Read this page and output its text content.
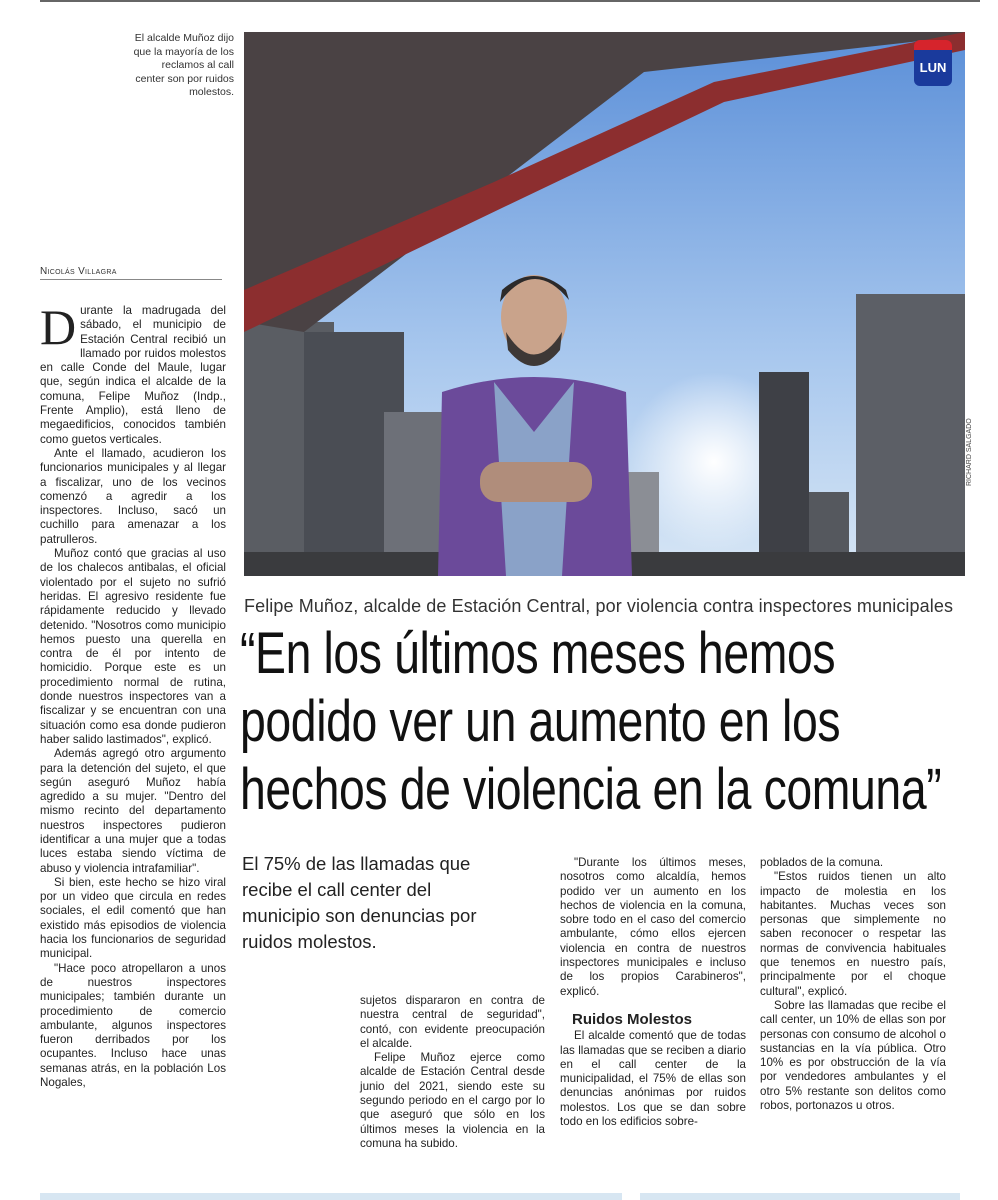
El alcalde Muñoz dijo que la mayoría de los reclamos al call center son por ruidos molestos.
Nicolás Villagra

Durante la madrugada del sábado, el municipio de Estación Central recibió un llamado por ruidos molestos en calle Conde del Maule, lugar que, según indica el alcalde de la comuna, Felipe Muñoz (Indp., Frente Amplio), está lleno de megaedificios, conocidos también como guetos verticales.

Ante el llamado, acudieron los funcionarios municipales y al llegar a fiscalizar, uno de los vecinos comenzó a agredir a los inspectores. Incluso, sacó un cuchillo para amenazar a los patrulleros.

Muñoz contó que gracias al uso de los chalecos antibalas, el oficial violentado por el sujeto no sufrió heridas. El agresivo residente fue rápidamente reducido y llevado detenido. "Nosotros como municipio hemos puesto una querella en contra de él por intento de homicidio. Porque este es un procedimiento normal de rutina, donde nuestros inspectores van a fiscalizar y se encuentran con una situación como esa donde pudieron haber salido lastimados", explicó.

Además agregó otro argumento para la detención del sujeto, el que según aseguró Muñoz había agredido a su mujer. "Dentro del mismo recinto del departamento nuestros inspectores pudieron identificar a una mujer que a todas luces estaba siendo víctima de abuso y violencia intrafamiliar".

Si bien, este hecho se hizo viral por un video que circula en redes sociales, el edil comentó que han existido más episodios de violencia hacia los funcionarios de seguridad municipal.

"Hace poco atropellaron a unos de nuestros inspectores municipales; también durante un procedimiento de comercio ambulante, algunos inspectores fueron derribados por los ocupantes. Incluso hace unas semanas atrás, en la población Los Nogales,

LUN
RICHARD SALGADO
Felipe Muñoz, alcalde de Estación Central, por violencia contra inspectores municipales
“En los últimos meses hemos
podido ver un aumento en los
hechos de violencia en la comuna”
El 75% de las llamadas que recibe el call center del municipio son denuncias por ruidos molestos.

sujetos dispararon en contra de nuestra central de seguridad", contó, con evidente preocupación el alcalde.

Felipe Muñoz ejerce como alcalde de Estación Central desde junio del 2021, siendo este su segundo periodo en el cargo por lo que aseguró que sólo en los últimos meses la violencia en la comuna ha subido.

"Durante los últimos meses, nosotros como alcaldía, hemos podido ver un aumento en los hechos de violencia en la comuna, sobre todo en el caso del comercio ambulante, cómo ellos ejercen violencia en contra de nuestros inspectores municipales e incluso de los propios Carabineros", explicó.

Ruidos Molestos

El alcalde comentó que de todas las llamadas que se reciben a diario en el call center de la municipalidad, el 75% de ellas son denuncias anónimas por ruidos molestos. Los que se dan sobre todo en los edificios sobre-

poblados de la comuna.

"Estos ruidos tienen un alto impacto de molestia en los habitantes. Muchas veces son personas que simplemente no saben reconocer o respetar las normas de convivencia habituales que tenemos en nuestro país, principalmente por el choque cultural", explicó.

Sobre las llamadas que recibe el call center, un 10% de ellas son por personas con consumo de alcohol o sustancias en la vía pública. Otro 10% es por obstrucción de la vía por vendedores ambulantes y el otro 5% restante son delitos como robos, portonazos u otros.
